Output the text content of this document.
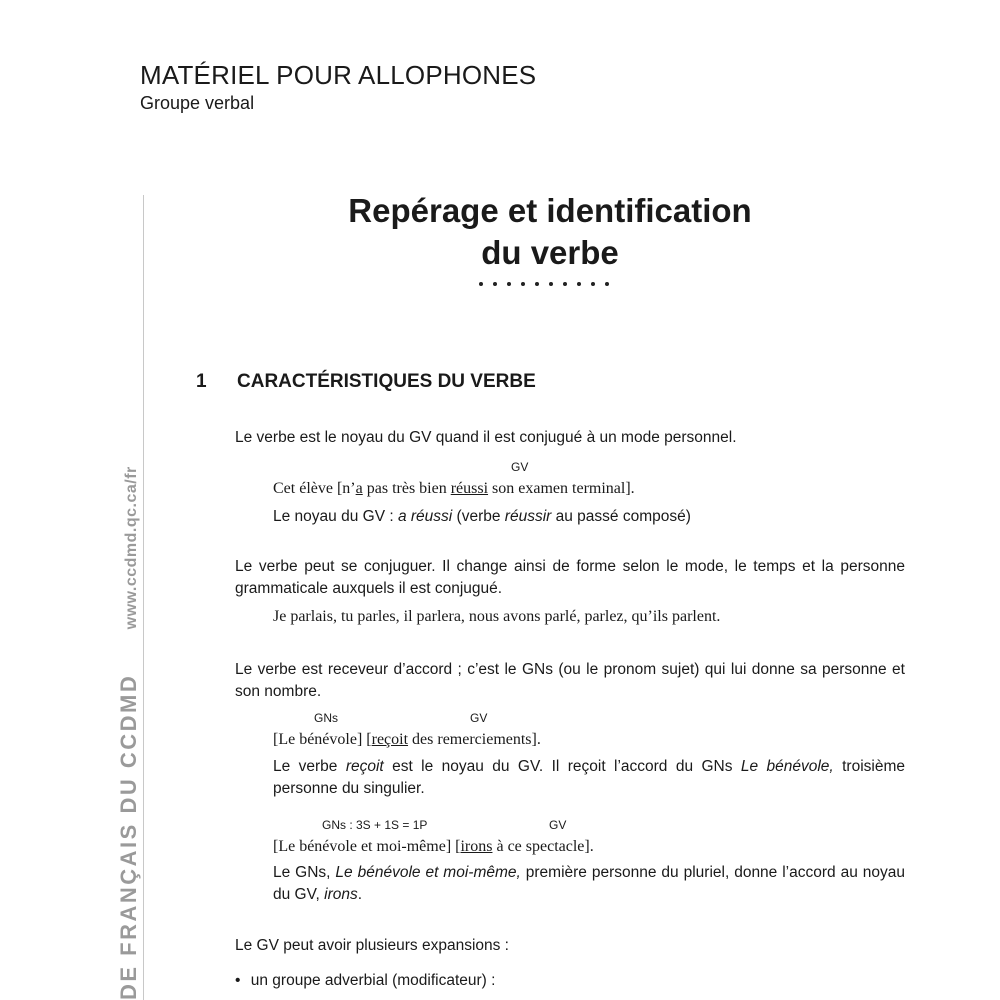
MATÉRIEL POUR ALLOPHONES
Groupe verbal
DE FRANÇAIS DU CCDMD www.ccdmd.qc.ca/fr
Repérage et identification
du verbe
1 CARACTÉRISTIQUES DU VERBE
Le verbe est le noyau du GV quand il est conjugué à un mode personnel.
GV
Cet élève [n’a pas très bien réussi son examen terminal].
Le noyau du GV : a réussi (verbe réussir au passé composé)
Le verbe peut se conjuguer. Il change ainsi de forme selon le mode, le temps et la personne grammaticale auxquels il est conjugué.
Je parlais, tu parles, il parlera, nous avons parlé, parlez, qu’ils parlent.
Le verbe est receveur d’accord ; c’est le GNs (ou le pronom sujet) qui lui donne sa personne et son nombre.
GNs	GV
[Le bénévole] [reçoit des remerciements].
Le verbe reçoit est le noyau du GV. Il reçoit l’accord du GNs Le bénévole, troisième personne du singulier.
GNs : 3S + 1S = 1P	GV
[Le bénévole et moi-même] [irons à ce spectacle].
Le GNs, Le bénévole et moi-même, première personne du pluriel, donne l’accord au noyau du GV, irons.
Le GV peut avoir plusieurs expansions :
• un groupe adverbial (modificateur) :
